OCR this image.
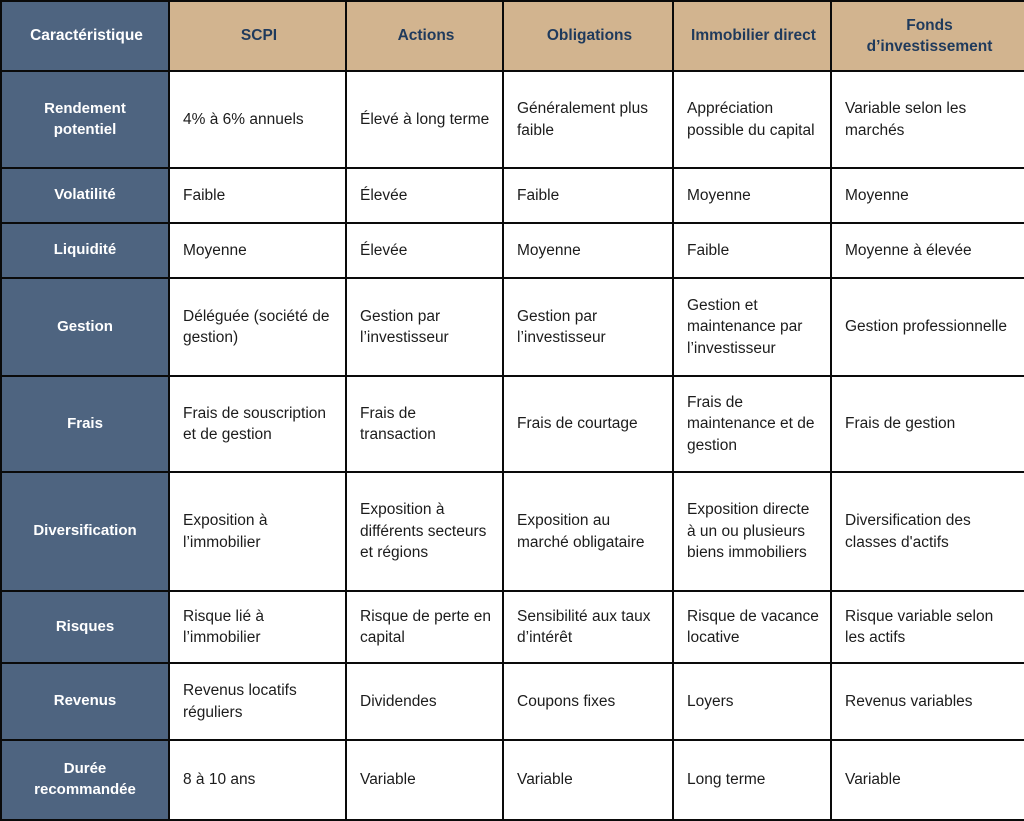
Caractéristique	SCPI	Actions	Obligations	Immobilier direct	Fonds d’investissement
Rendement potentiel	4% à 6% annuels	Élevé à long terme	Généralement plus faible	Appréciation possible du capital	Variable selon les marchés
Volatilité	Faible	Élevée	Faible	Moyenne	Moyenne
Liquidité	Moyenne	Élevée	Moyenne	Faible	Moyenne à élevée
Gestion	Déléguée (société de gestion)	Gestion par l’investisseur	Gestion par l’investisseur	Gestion et maintenance par l’investisseur	Gestion professionnelle
Frais	Frais de souscription et de gestion	Frais de transaction	Frais de courtage	Frais de maintenance et de gestion	Frais de gestion
Diversification	Exposition à l’immobilier	Exposition à différents secteurs et régions	Exposition au marché obligataire	Exposition directe à un ou plusieurs biens immobiliers	Diversification des classes d'actifs
Risques	Risque lié à l’immobilier	Risque de perte en capital	Sensibilité aux taux d’intérêt	Risque de vacance locative	Risque variable selon les actifs
Revenus	Revenus locatifs réguliers	Dividendes	Coupons fixes	Loyers	Revenus variables
Durée recommandée	8 à 10 ans	Variable	Variable	Long terme	Variable
